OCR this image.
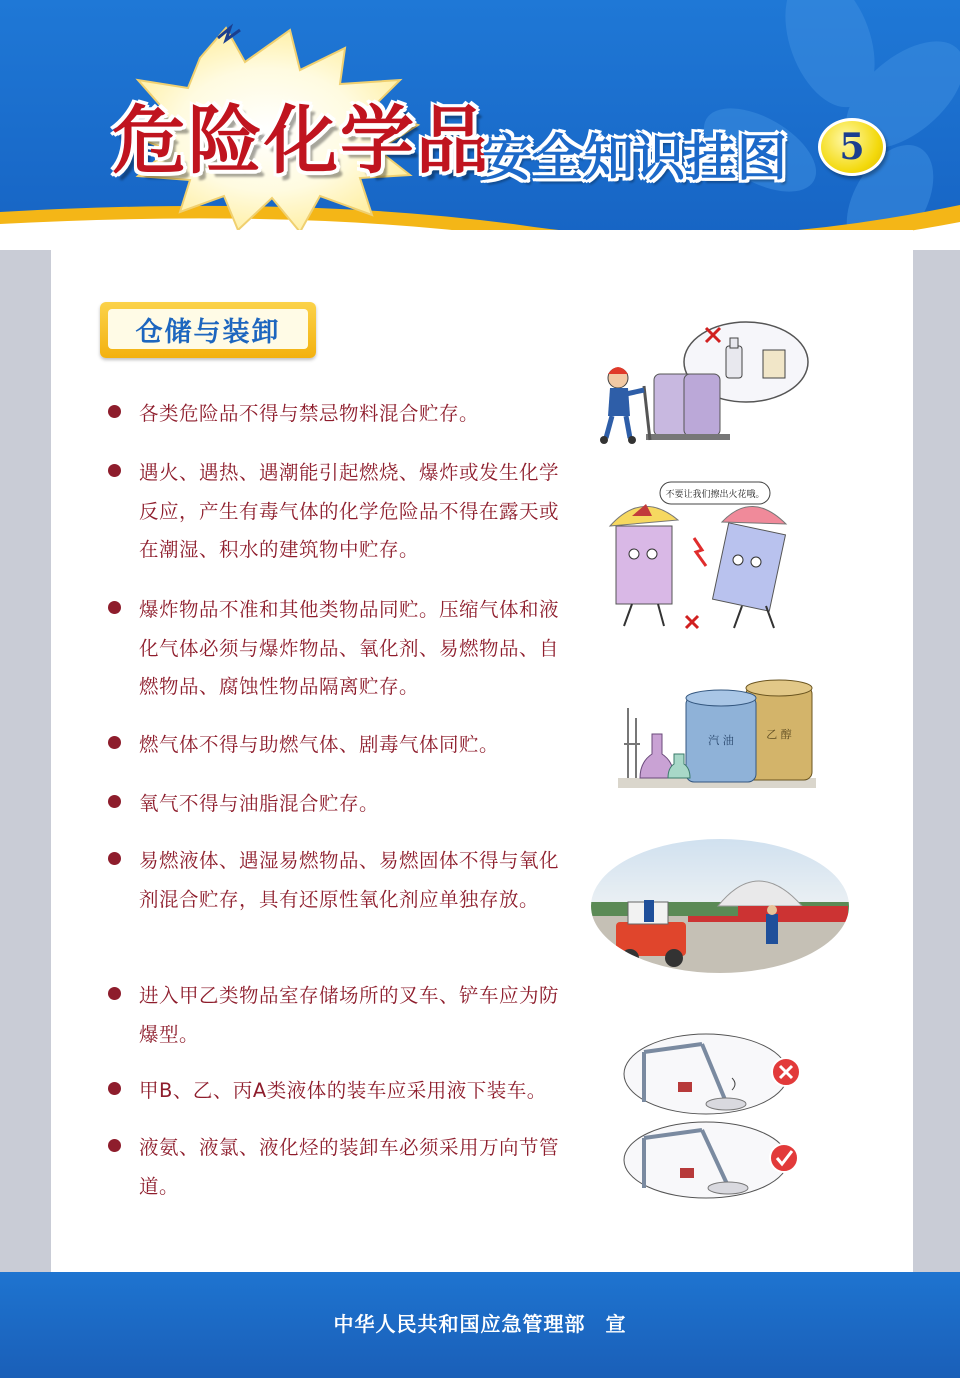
危险化学品
安全知识挂图	5
仓储与装卸
各类危险品不得与禁忌物料混合贮存。
遇火、遇热、遇潮能引起燃烧、爆炸或发生化学反应，产生有毒气体的化学危险品不得在露天或在潮湿、积水的建筑物中贮存。
爆炸物品不准和其他类物品同贮。压缩气体和液化气体必须与爆炸物品、氧化剂、易燃物品、自燃物品、腐蚀性物品隔离贮存。
燃气体不得与助燃气体、剧毒气体同贮。
氧气不得与油脂混合贮存。
易燃液体、遇湿易燃物品、易燃固体不得与氧化剂混合贮存，具有还原性氧化剂应单独存放。
进入甲乙类物品室存储场所的叉车、铲车应为防爆型。
甲B、乙、丙A类液体的装车应采用液下装车。
液氨、液氯、液化烃的装卸车必须采用万向节管道。
不要让我们擦出火花哦。
乙 醇
汽 油
中华人民共和国应急管理部 宣
